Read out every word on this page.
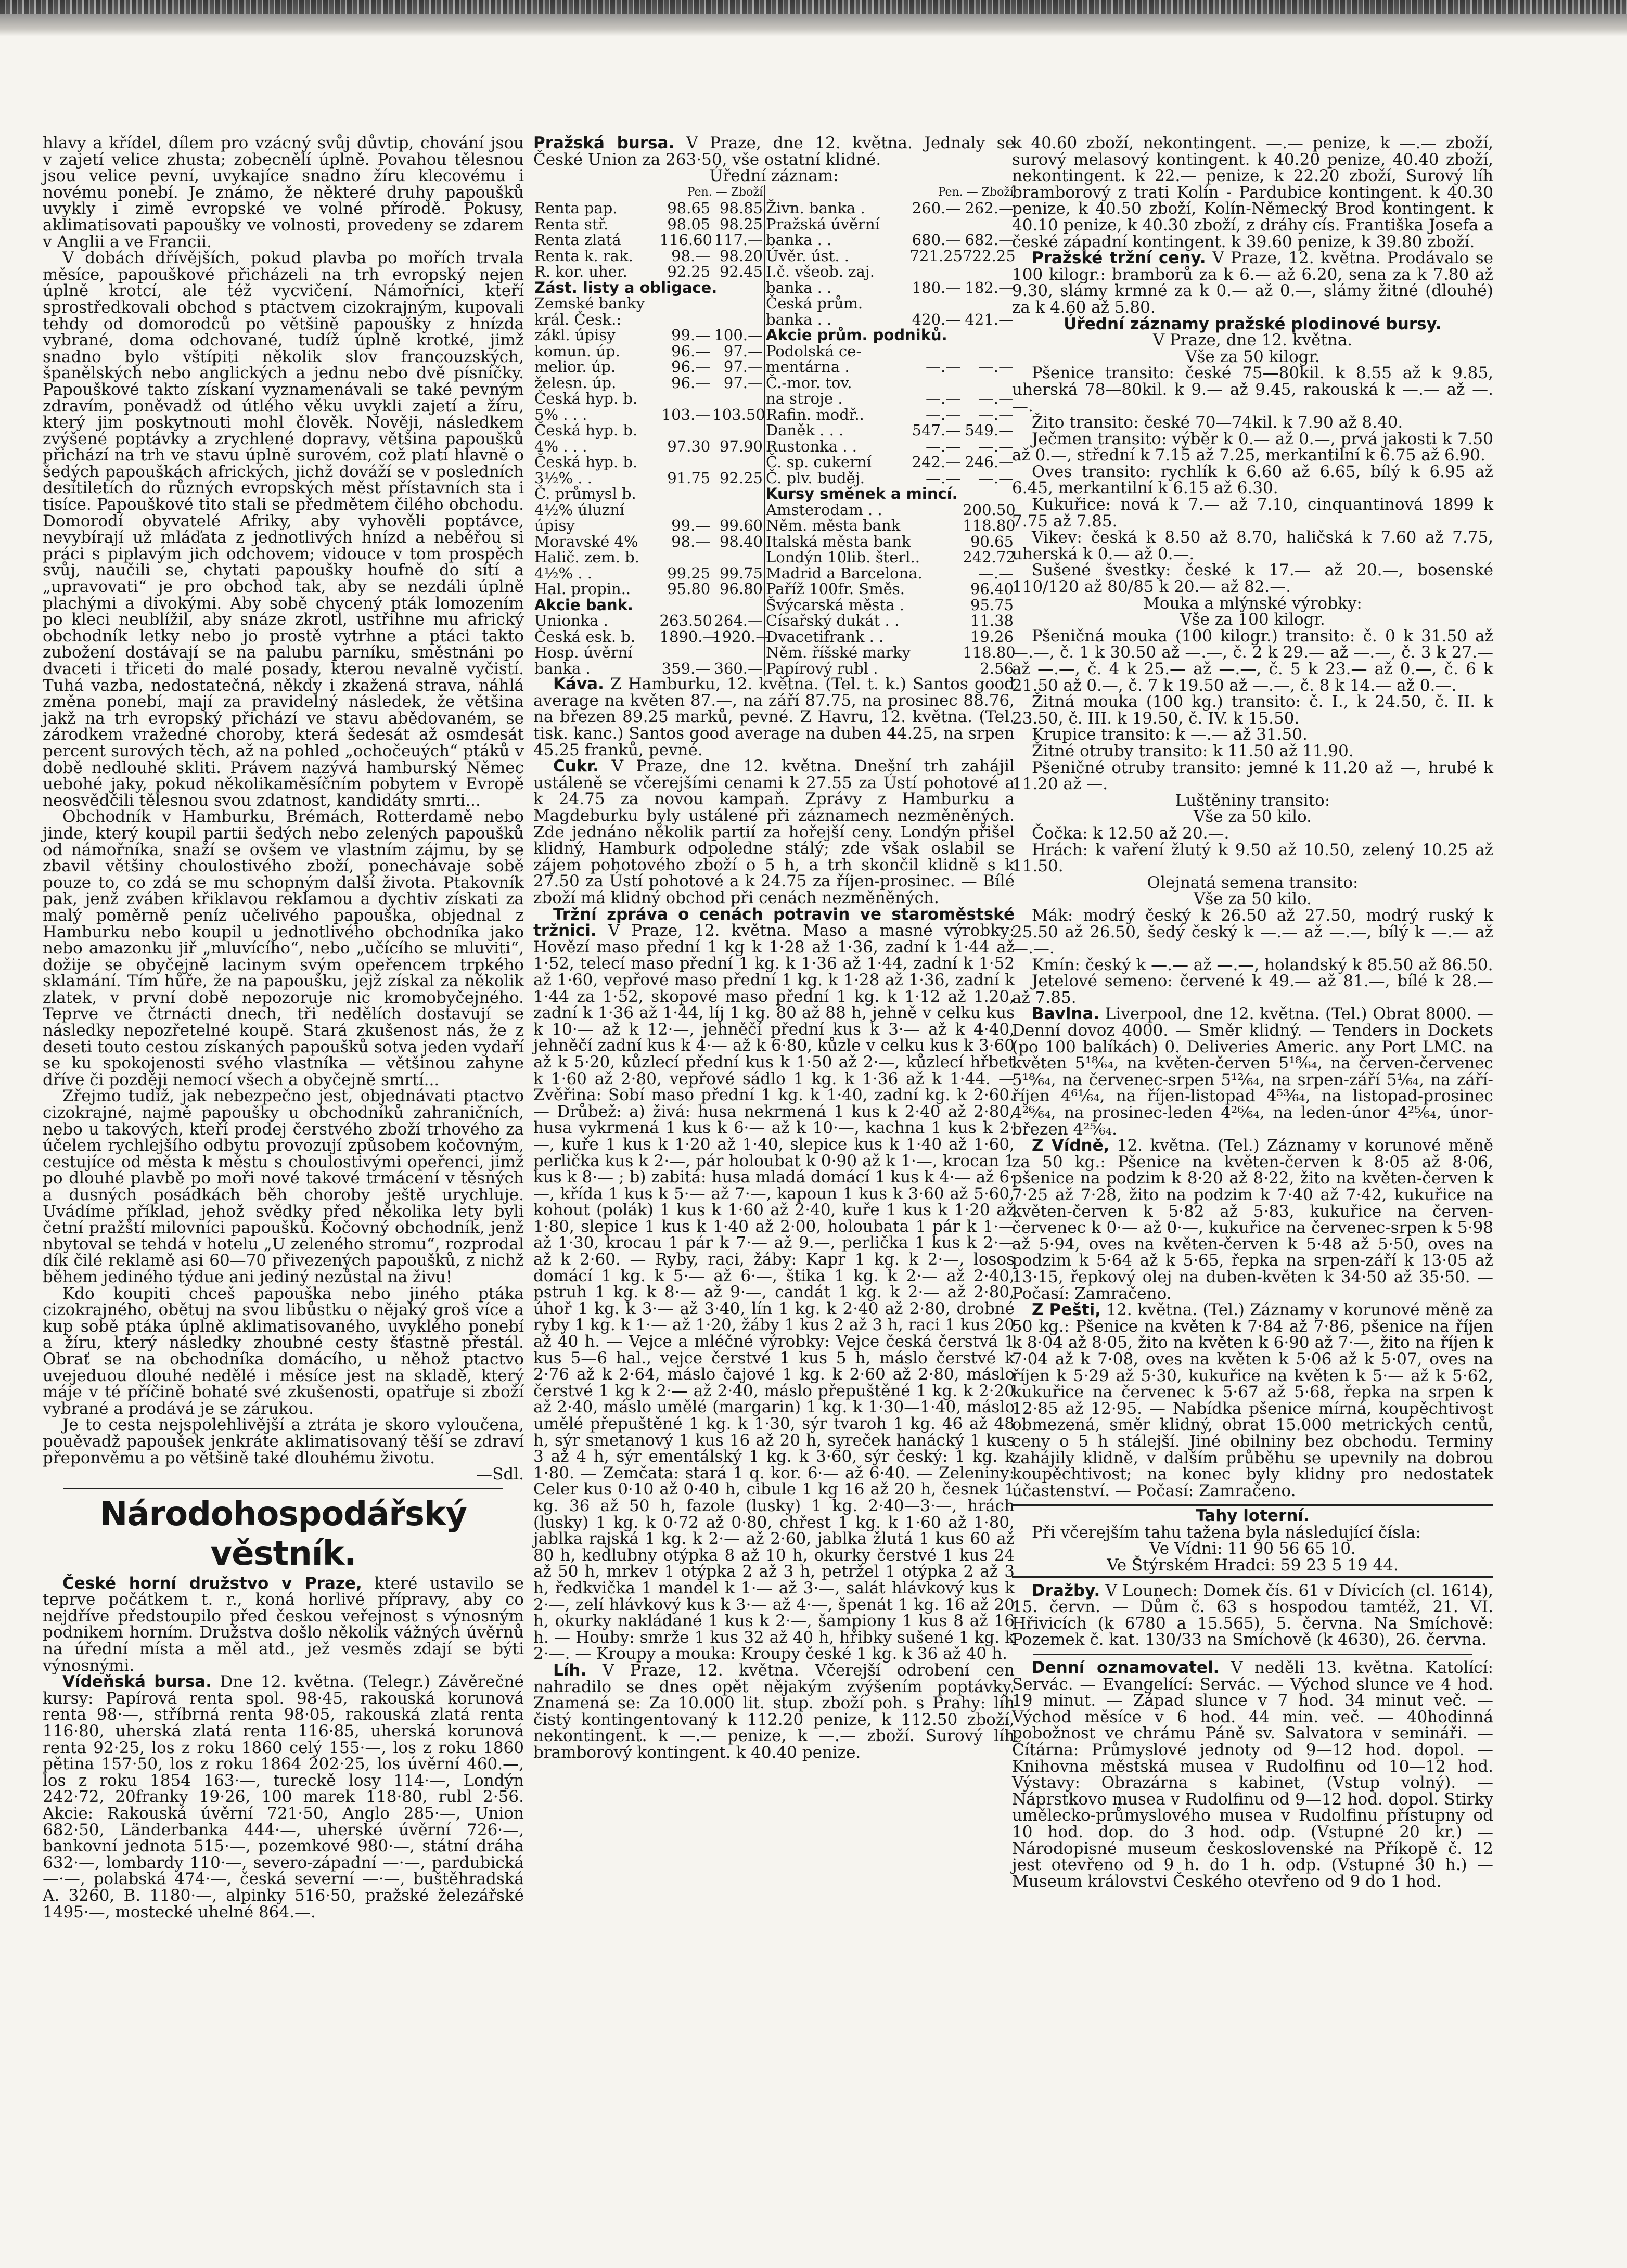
hlavy a křídel, dílem pro vzácný svůj důvtip, chování jsou v zajetí velice zhusta; zobecnělí úplně. Povahou tělesnou jsou velice pevní, uvykajíce snadno žíru klecovému i novému ponebí. Je známo, že některé druhy papoušků uvykly i zimě evropské ve volné přírodě. Pokusy, aklimatisovati papoušky ve volnosti, provedeny se zdarem v Anglii a ve Francii.

V dobách dřívějších, pokud plavba po mořích trvala měsíce, papouškové přicházeli na trh evropský nejen úplně krotcí, ale též vycvičení. Námořníci, kteří sprostředkovali obchod s ptactvem cizokrajným, kupovali tehdy od domorodců po většině papoušky z hnízda vybrané, doma odchované, tudíž úplně krotké, jimž snadno bylo vštípiti několik slov francouzských, španělských nebo anglických a jednu nebo dvě písničky. Papouškové takto získaní vyznamenávali se také pevným zdravím, poněvadž od útlého věku uvykli zajetí a žíru, který jim poskytnouti mohl člověk. Nověji, následkem zvýšené poptávky a zrychlené dopravy, většina papoušků přichází na trh ve stavu úplně surovém, což platí hlavně o šedých papouškách afrických, jichž dováží se v posledních desítiletích do různých evropských měst přístavních sta i tisíce. Papouškové tito stali se předmětem čilého obchodu. Domorodí obyvatelé Afriky, aby vyhověli poptávce, nevybírají už mláďata z jednotlivých hnízd a nebéřou si práci s piplavým jich odchovem; vidouce v tom prospěch svůj, naučili se, chytati papoušky houfně do sítí a „upravovati“ je pro obchod tak, aby se nezdáli úplně plachými a divokými. Aby sobě chycený pták lomozením po kleci neublížil, aby snáze zkrotl, ustřihne mu africký obchodník letky nebo jo prostě vytrhne a ptáci takto zubožení dostávají se na palubu parníku, směstnáni po dvaceti i třiceti do malé posady, kterou nevalně vyčistí. Tuhá vazba, nedostatečná, někdy i zkažená strava, náhlá změna ponebí, mají za pravidelný následek, že většina jakž na trh evropský přichází ve stavu abědovaném, se zárodkem vražedné choroby, která šedesát až osmdesát percent surových těch, až na pohled „ochočeuých“ ptáků v době nedlouhé skliti. Právem nazývá hamburský Němec uebohé jaky, pokud několikaměsíčním pobytem v Evropě neosvědčili tělesnou svou zdatnost, kandidáty smrti...

Obchodník v Hamburku, Brémách, Rotterdamě nebo jinde, který koupil partii šedých nebo zelených papoušků od námořníka, snaží se ovšem ve vlastním zájmu, by se zbavil většiny choulostivého zboží, ponechávaje sobě pouze to, co zdá se mu schopným další života. Ptakovník pak, jenž zváben křiklavou reklamou a dychtiv získati za malý poměrně peníz učelivého papouška, objednal z Hamburku nebo koupil u jednotlivého obchodníka jako nebo amazonku jiř „mluvícího“, nebo „učícího se mluviti“, dožije se obyčejně lacinym svým opeřencem trpkého sklamání. Tím hůře, že na papoušku, jejž získal za několik zlatek, v první době nepozoruje nic kromobyčejného. Teprve ve čtrnácti dnech, tři nedělích dostavují se následky nepozřetelné koupě. Stará zkušenost nás, že z deseti touto cestou získaných papoušků sotva jeden vydaří se ku spokojenosti svého vlastníka — většinou zahyne dříve či později nemocí všech a obyčejně smrtí...

Zřejmo tudíž, jak nebezpečno jest, objednávati ptactvo cizokrajné, najmě papoušky u obchodníků zahraničních, nebo u takových, kteří prodej čerstvého zboží trhového za účelem rychlejšího odbytu provozují způsobem kočovným, cestujíce od města k městu s choulostivými opeřenci, jimž po dlouhé plavbě po moři nové takové trmácení v těsných a dusných posádkách běh choroby ještě urychluje. Uvádíme příklad, jehož svědky před několika lety byli četní pražští milovníci papoušků. Kočovný obchodník, jenž nbytoval se tehdá v hotelu „U zeleného stromu“, rozprodal dík čilé reklamě asi 60—70 přivezených papoušků, z nichž během jediného týdue ani jediný nezůstal na živu!

Kdo koupiti chceš papouška nebo jiného ptáka cizokrajného, obětuj na svou libůstku o nějaký groš více a kup sobě ptáka úplně aklimatisovaného, uvyklého ponebí a žíru, který následky zhoubné cesty šťastně přestál. Obrať se na obchodníka domácího, u něhož ptactvo uvejeduou dlouhé nedělé i měsíce jest na skladě, který máje v té příčině bohaté své zkušenosti, opatřuje si zboží vybrané a prodává je se zárukou.

Je to cesta nejspolehlivější a ztráta je skoro vyloučena, pouěvadž papoušek jenkráte aklimatisovaný těší se zdraví přeponvěmu a po většině také dlouhému životu.

—Sdl.

Národohospodářský věstník.

České horní družstvo v Praze, které ustavilo se teprve počátkem t. r., koná horlivé přípravy, aby co nejdříve předstoupilo před českou veřejnost s výnosným podnikem horním. Družstva došlo několik vážných úvěrnů na úřední místa a měl atd., jež vesměs zdají se býti výnosnými.

Vídeňská bursa. Dne 12. května. (Telegr.) Závěrečné kursy: Papírová renta spol. 98·45, rakouská korunová renta 98·—, stříbrná renta 98·05, rakouská zlatá renta 116·80, uherská zlatá renta 116·85, uherská korunová renta 92·25, los z roku 1860 celý 155·—, los z roku 1860 pětina 157·50, los z roku 1864 202·25, los úvěrní 460.—, los z roku 1854 163·—, tureckě losy 114·—, Londýn 242·72, 20franky 19·26, 100 marek 118·80, rubl 2·56. Akcie: Rakouská úvěrní 721·50, Anglo 285·—, Union 682·50, Länderbanka 444·—, uherské úvěrní 726·—, bankovní jednota 515·—, pozemkové 980·—, státní dráha 632·—, lombardy 110·—, severo-západní —·—, pardubická —·—, polabská 474·—, česká severní —·—, buštěhradská A. 3260, B. 1180·—, alpinky 516·50, pražské železářské 1495·—, mostecké uhelné 864.—.

Pražská bursa. V Praze, dne 12. května. Jednaly se České Union za 263·50, vše ostatní klidné.

Úřední záznam:

	Pen. — Zboží			Pen. — Zboží	
Renta pap.	98.65	98.85	Živn. banka .	260.—	262.—
Renta stř.	98.05	98.25	Pražská úvěrní		
Renta zlatá	116.60	117.—	banka . .	680.—	682.—
Renta k. rak.	98.—	98.20	Úvěr. úst. .	721.25	722.25
R. kor. uher.	92.25	92.45	I.č. všeob. zaj.		
Zást. listy a obligace.			banka . .	180.—	182.—
Zemské banky			Česká prům.		
král. Česk.:			banka . .	420.—	421.—
zákl. úpisy	99.—	100.—	Akcie prům. podniků.		
komun. úp.	96.—	97.—	Podolská ce-		
melior. úp.	96.—	97.—	mentárna .	—.—	—.—
želesn. úp.	96.—	97.—	Č.-mor. tov.		
Česká hyp. b.			na stroje .	—.—	—.—
5% . . .	103.—	103.50	Rafin. modř..	—.—	—.—
Česká hyp. b.			Daněk . . .	547.—	549.—
4% . . .	97.30	97.90	Rustonka . .	—.—	—.—
Česká hyp. b.			Č. sp. cukerní	242.—	246.—
3½% . .	91.75	92.25	Č. plv. buděj.	—.—	—.—
Č. průmysl b.			Kursy směnek a mincí.		
4½% úluzní			Amsterodam . .		200.50
úpisy	99.—	99.60	Něm. města bank		118.80
Moravské 4%	98.—	98.40	Italská města bank		90.65
Halič. zem. b.			Londýn 10lib. šterl..		242.72
4½% . .	99.25	99.75	Madrid a Barcelona.		—.—
Hal. propin..	95.80	96.80	Paříž 100fr. Směs.		96.40
Akcie bank.			Švýcarská města .		95.75
Unionka .	263.50	264.—	Císařský dukát . .		11.38
Česká esk. b.	1890.—	1920.—	Dvacetifrank . .		19.26
Hosp. úvěrní			Něm. říšské marky		118.80
banka .	359.—	360.—	Papírový rubl .		2.56

Káva. Z Hamburku, 12. května. (Tel. t. k.) Santos good average na květen 87.—, na září 87.75, na prosinec 88.76, na březen 89.25 marků, pevné. Z Havru, 12. května. (Tel. tisk. kanc.) Santos good average na duben 44.25, na srpen 45.25 franků, pevné.

Cukr. V Praze, dne 12. května. Dnešní trh zahájil ustáleně se včerejšími cenami k 27.55 za Ústí pohotové a k 24.75 za novou kampaň. Zprávy z Hamburku a Magdeburku byly ustálené při záznamech nezměněných. Zde jednáno několik partií za hořejší ceny. Londýn přišel klidný, Hamburk odpoledne stálý; zde však oslabil se zájem pohotového zboží o 5 h, a trh skončil klidně s k 27.50 za Ústí pohotové a k 24.75 za říjen-prosinec. — Bílé zboží má klidný obchod při cenách nezměněných.

Tržní zpráva o cenách potravin ve staroměstské tržnici. V Praze, 12. května. Maso a masné výrobky: Hovězí maso přední 1 kg k 1·28 až 1·36, zadní k 1·44 až 1·52, telecí maso přední 1 kg. k 1·36 až 1·44, zadní k 1·52 až 1·60, vepřové maso přední 1 kg. k 1·28 až 1·36, zadní k 1·44 za 1·52, skopové maso přední 1 kg. k 1·12 až 1.20, zadní k 1·36 až 1·44, líj 1 kg. 80 až 88 h, jehně v celku kus k 10·— až k 12·—, jehněčí přední kus k 3·— až k 4·40, jehněčí zadní kus k 4·— až k 6·80, kůzle v celku kus k 3·60 až k 5·20, kůzlecí přední kus k 1·50 až 2·—, kůzlecí hřbet k 1·60 až 2·80, vepřové sádlo 1 kg. k 1·36 až k 1·44. — Zvěřina: Sobí maso přední 1 kg. k 1·40, zadní kg. k 2·60. — Drůbež: a) živá: husa nekrmená 1 kus k 2·40 až 2·80, husa vykrmená 1 kus k 6·— až k 10·—, kachna 1 kus k 2·—, kuře 1 kus k 1·20 až 1·40, slepice kus k 1·40 až 1·60, perlička kus k 2·—, pár holoubat k 0·90 až k 1·—, krocan 1 kus k 8·— ; b) zabitá: husa mladá domácí 1 kus k 4·— až 6·—, křída 1 kus k 5·— až 7·—, kapoun 1 kus k 3·60 až 5·60, kohout (polák) 1 kus k 1·60 až 2·40, kuře 1 kus k 1·20 až 1·80, slepice 1 kus k 1·40 až 2·00, holoubata 1 pár k 1·— až 1·30, krocau 1 pár k 7·— až 9.—, perlička 1 kus k 2·— až k 2·60. — Ryby, raci, žáby: Kapr 1 kg. k 2·—, losos domácí 1 kg. k 5·— až 6·—, štika 1 kg. k 2·— až 2·40, pstruh 1 kg. k 8·— až 9·—, candát 1 kg. k 2·— až 2·80, úhoř 1 kg. k 3·— až 3·40, lín 1 kg. k 2·40 až 2·80, drobné ryby 1 kg. k 1·— až 1·20, žáby 1 kus 2 až 3 h, raci 1 kus 20 až 40 h. — Vejce a mléčné výrobky: Vejce česká čerstvá 1 kus 5—6 hal., vejce čerstvé 1 kus 5 h, máslo čerstvé k 2·76 až k 2·64, máslo čajové 1 kg. k 2·60 až 2·80, máslo čerstvé 1 kg k 2·— až 2·40, máslo přepuštěné 1 kg. k 2·20 až 2·40, máslo umělé (margarin) 1 kg. k 1·30—1·40, máslo umělé přepuštěné 1 kg. k 1·30, sýr tvaroh 1 kg. 46 až 48 h, sýr smetanový 1 kus 16 až 20 h, syreček hanácký 1 kus 3 až 4 h, sýr ementálský 1 kg. k 3·60, sýr český: 1 kg. k 1·80. — Zemčata: stará 1 q. kor. 6·— až 6·40. — Zeleniny: Celer kus 0·10 až 0·40 h, cibule 1 kg 16 až 20 h, česnek 1 kg. 36 až 50 h, fazole (lusky) 1 kg. 2·40—3·—, hrách (lusky) 1 kg. k 0·72 až 0·80, chřest 1 kg. k 1·60 až 1·80, jablka rajská 1 kg. k 2·— až 2·60, jablka žlutá 1 kus 60 až 80 h, kedlubny otýpka 8 až 10 h, okurky čerstvé 1 kus 24 až 50 h, mrkev 1 otýpka 2 až 3 h, petržel 1 otýpka 2 až 3 h, ředkvička 1 mandel k 1·— až 3·—, salát hlávkový kus k 2·—, zelí hlávkový kus k 3·— až 4·—, špenát 1 kg. 16 až 20 h, okurky nakládané 1 kus k 2·—, šampiony 1 kus 8 až 16 h. — Houby: smrže 1 kus 32 až 40 h, hřibky sušené 1 kg. k 2·—. — Kroupy a mouka: Kroupy české 1 kg. k 36 až 40 h.

Líh. V Praze, 12. května. Včerejší odrobení cen nahradilo se dnes opět nějakým zvýšením poptávky. Znamená se: Za 10.000 lit. stup. zboží poh. s Prahy: líh čistý kontingentovaný k 112.20 penize, k 112.50 zboží, nekontingent. k —.— penize, k —.— zboží. Surový líh bramborový kontingent. k 40.40 penize.

k 40.60 zboží, nekontingent. —.— penize, k —.— zboží, surový melasový kontingent. k 40.20 penize, 40.40 zboží, nekontingent. k 22.— penize, k 22.20 zboží, Surový líh bramborový z trati Kolín - Pardubice kontingent. k 40.30 penize, k 40.50 zboží, Kolín-Německý Brod kontingent. k 40.10 penize, k 40.30 zboží, z dráhy cís. Františka Josefa a české západní kontingent. k 39.60 penize, k 39.80 zboží.

Pražské tržní ceny. V Praze, 12. května. Prodávalo se 100 kilogr.: bramborů za k 6.— až 6.20, sena za k 7.80 až 9.30, slámy krmné za k 0.— až 0.—, slámy žitné (dlouhé) za k 4.60 až 5.80.

Úřední záznamy pražské plodinové bursy.

V Praze, dne 12. května.

Vše za 50 kilogr.

Pšenice transito: české 75—80kil. k 8.55 až k 9.85, uherská 78—80kil. k 9.— až 9.45, rakouská k —.— až —.—.

Žito transito: české 70—74kil. k 7.90 až 8.40.

Ječmen transito: výběr k 0.— až 0.—, prvá jakosti k 7.50 až 0.—, střední k 7.15 až 7.25, merkantilní k 6.75 až 6.90.

Oves transito: rychlík k 6.60 až 6.65, bílý k 6.95 až 6.45, merkantilní k 6.15 až 6.30.

Kukuřice: nová k 7.— až 7.10, cinquantinová 1899 k 7.75 až 7.85.

Vikev: česká k 8.50 až 8.70, haličská k 7.60 až 7.75, uherská k 0.— až 0.—.

Sušené švestky: české k 17.— až 20.—, bosenské 110/120 až 80/85 k 20.— až 82.—.

Mouka a mlýnské výrobky:

Vše za 100 kilogr.

Pšeničná mouka (100 kilogr.) transito: č. 0 k 31.50 až —.—, č. 1 k 30.50 až —.—, č. 2 k 29.— až —.—, č. 3 k 27.— až —.—, č. 4 k 25.— až —.—, č. 5 k 23.— až 0.—, č. 6 k 21.50 až 0.—, č. 7 k 19.50 až —.—, č. 8 k 14.— až 0.—.

Žitná mouka (100 kg.) transito: č. I., k 24.50, č. II. k 23.50, č. III. k 19.50, č. IV. k 15.50.

Krupice transito: k —.— až 31.50.

Žitné otruby transito: k 11.50 až 11.90.

Pšeničné otruby transito: jemné k 11.20 až —, hrubé k 11.20 až —.

Luštěniny transito:

Vše za 50 kilo.

Čočka: k 12.50 až 20.—.

Hrách: k vaření žlutý k 9.50 až 10.50, zelený 10.25 až 11.50.

Olejnatá semena transito:

Vše za 50 kilo.

Mák: modrý český k 26.50 až 27.50, modrý ruský k 25.50 až 26.50, šedý český k —.— až —.—, bílý k —.— až —.—.

Kmín: český k —.— až —.—, holandský k 85.50 až 86.50.

Jetelové semeno: červené k 49.— až 81.—, bílé k 28.— až 7.85.

Bavlna. Liverpool, dne 12. května. (Tel.) Obrat 8000. — Denní dovoz 4000. — Směr klidný. — Tenders in Dockets (po 100 balíkách) 0. Deliveries Americ. any Port LMC. na květen 5¹⁸⁄₆₄, na květen-červen 5¹⁸⁄₆₄, na červen-červenec 5¹⁸⁄₆₄, na červenec-srpen 5¹²⁄₆₄, na srpen-září 5¹⁄₆₄, na září-říjen 4⁶¹⁄₆₄, na říjen-listopad 4⁵³⁄₆₄, na listopad-prosinec 4²⁶⁄₆₄, na prosinec-leden 4²⁶⁄₆₄, na leden-únor 4²⁵⁄₆₄, únor-březen 4²⁵⁄₆₄.

Z Vídně, 12. května. (Tel.) Záznamy v korunové měně za 50 kg.: Pšenice na květen-červen k 8·05 až 8·06, pšenice na podzim k 8·20 až 8·22, žito na květen-červen k 7·25 až 7·28, žito na podzim k 7·40 až 7·42, kukuřice na květen-červen k 5·82 až 5·83, kukuřice na červen-červenec k 0·— až 0·—, kukuřice na červenec-srpen k 5·98 až 5·94, oves na květen-červen k 5·48 až 5·50, oves na podzim k 5·64 až k 5·65, řepka na srpen-září k 13·05 až 13·15, řepkový olej na duben-květen k 34·50 až 35·50. — Počasí: Zamračeno.

Z Pešti, 12. května. (Tel.) Záznamy v korunové měně za 50 kg.: Pšenice na květen k 7·84 až 7·86, pšenice na říjen k 8·04 až 8·05, žito na květen k 6·90 až 7·—, žito na říjen k 7·04 až k 7·08, oves na květen k 5·06 až k 5·07, oves na říjen k 5·29 až 5·30, kukuřice na květen k 5·— až k 5·62, kukuřice na červenec k 5·67 až 5·68, řepka na srpen k 12·85 až 12·95. — Nabídka pšenice mírná, koupěchtivost obmezená, směr klidný, obrat 15.000 metrických centů, ceny o 5 h stálejší. Jiné obilniny bez obchodu. Terminy zahájily klidně, v dalším průběhu se upevnily na dobrou koupěchtivost; na konec byly klidny pro nedostatek účastenství. — Počasí: Zamračeno.

Tahy loterní.

Při včerejším tahu tažena byla následující čísla:

Ve Vídni: 11 90 56 65 10.

Ve Štýrském Hradci: 59 23 5 19 44.

Dražby. V Lounech: Domek čís. 61 v Dívicích (cl. 1614), 15. červn. — Dům č. 63 s hospodou tamtéž, 21. VI. Hřivicích (k 6780 a 15.565), 5. června. Na Smíchově: Pozemek č. kat. 130/33 na Smíchově (k 4630), 26. června.

Denní oznamovatel. V neděli 13. května. Katolící: Servác. — Evangelící: Servác. — Východ slunce ve 4 hod. 19 minut. — Západ slunce v 7 hod. 34 minut več. — Východ měsíce v 6 hod. 44 min. več. — 40hodinná pobožnost ve chrámu Páně sv. Salvatora v semináři. — Čítárna: Průmyslové jednoty od 9—12 hod. dopol. — Knihovna městská musea v Rudolfinu od 10—12 hod. Výstavy: Obrazárna s kabinet, (Vstup volný). — Náprstkovo musea v Rudolfinu od 9—12 hod. dopol. Stirky umělecko-průmyslového musea v Rudolfinu přístupny od 10 hod. dop. do 3 hod. odp. (Vstupné 20 kr.) — Národopisné museum československé na Příkopě č. 12 jest otevřeno od 9 h. do 1 h. odp. (Vstupné 30 h.) — Museum královstvi Českého otevřeno od 9 do 1 hod.
